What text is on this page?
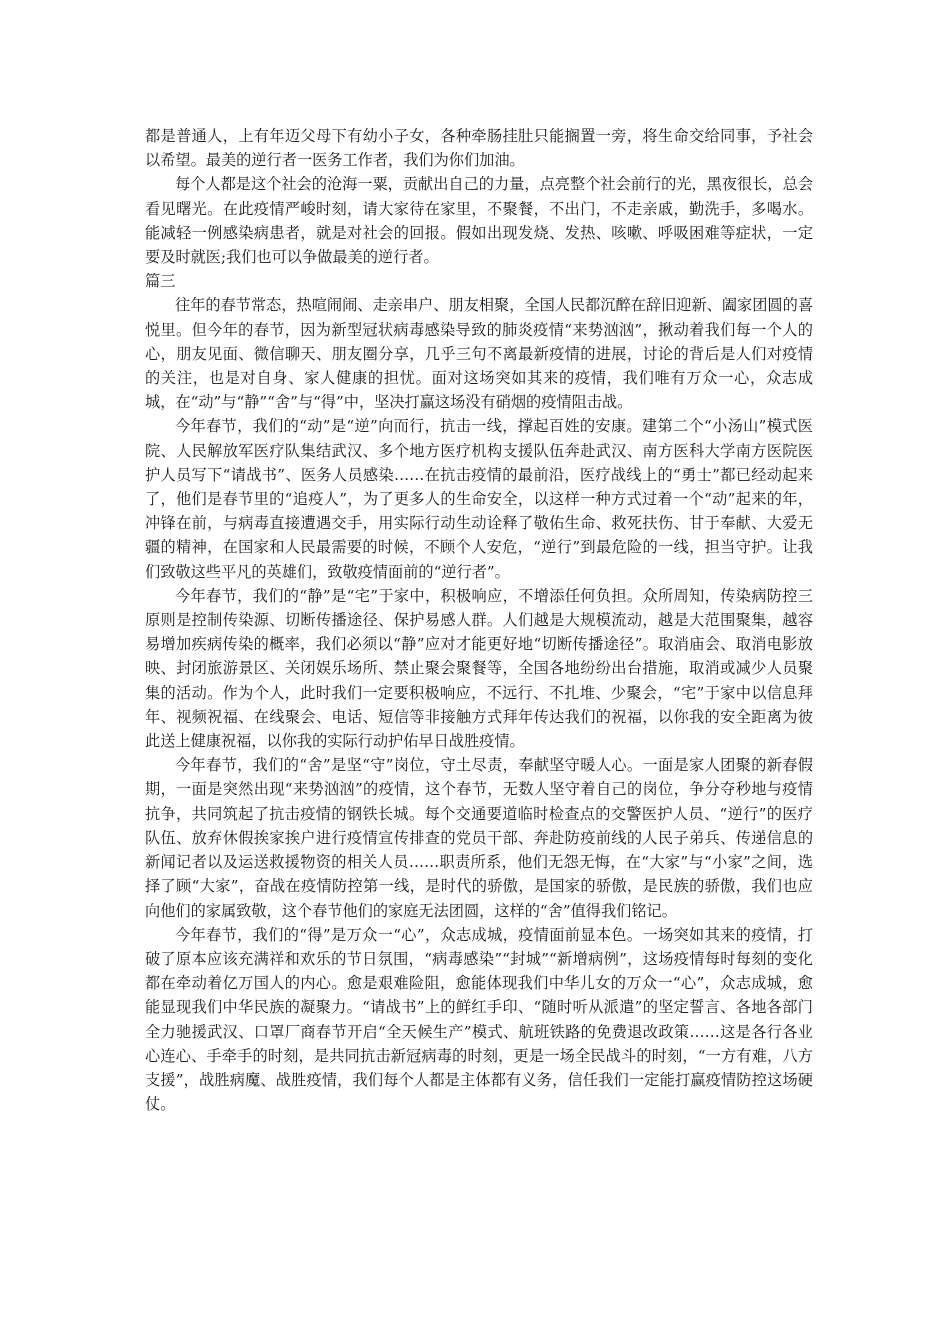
都是普通人，上有年迈父母下有幼小子女，各种牵肠挂肚只能搁置一旁，将生命交给同事，予社会以希望。最美的逆行者一医务工作者，我们为你们加油。

每个人都是这个社会的沧海一粟，贡献出自己的力量，点亮整个社会前行的光，黑夜很长，总会看见曙光。在此疫情严峻时刻，请大家待在家里，不聚餐，不出门，不走亲戚，勤洗手，多喝水。能减轻一例感染病患者，就是对社会的回报。假如出现发烧、发热、咳嗽、呼吸困难等症状，一定要及时就医;我们也可以争做最美的逆行者。

篇三

往年的春节常态，热喧闹闹、走亲串户、朋友相聚，全国人民都沉醉在辞旧迎新、阖家团圆的喜悦里。但今年的春节，因为新型冠状病毒感染导致的肺炎疫情“来势汹汹”，揪动着我们每一个人的心，朋友见面、微信聊天、朋友圈分享，几乎三句不离最新疫情的进展，讨论的背后是人们对疫情的关注，也是对自身、家人健康的担忧。面对这场突如其来的疫情，我们唯有万众一心，众志成城，在“动”与“静”“舍”与“得”中，坚决打赢这场没有硝烟的疫情阻击战。

今年春节，我们的“动”是“逆”向而行，抗击一线，撑起百姓的安康。建第二个“小汤山”模式医院、人民解放军医疗队集结武汉、多个地方医疗机构支援队伍奔赴武汉、南方医科大学南方医院医护人员写下“请战书”、医务人员感染……在抗击疫情的最前沿，医疗战线上的“勇士”都已经动起来了，他们是春节里的“追疫人”，为了更多人的生命安全，以这样一种方式过着一个“动”起来的年，冲锋在前，与病毒直接遭遇交手，用实际行动生动诠释了敬佑生命、救死扶伤、甘于奉献、大爱无疆的精神，在国家和人民最需要的时候，不顾个人安危，“逆行”到最危险的一线，担当守护。让我们致敬这些平凡的英雄们，致敬疫情面前的“逆行者”。

今年春节，我们的“静”是“宅”于家中，积极响应，不增添任何负担。众所周知，传染病防控三原则是控制传染源、切断传播途径、保护易感人群。人们越是大规模流动，越是大范围聚集，越容易增加疾病传染的概率，我们必须以“静”应对才能更好地“切断传播途径”。取消庙会、取消电影放映、封闭旅游景区、关闭娱乐场所、禁止聚会聚餐等，全国各地纷纷出台措施，取消或减少人员聚集的活动。作为个人，此时我们一定要积极响应，不远行、不扎堆、少聚会，“宅”于家中以信息拜年、视频祝福、在线聚会、电话、短信等非接触方式拜年传达我们的祝福，以你我的安全距离为彼此送上健康祝福，以你我的实际行动护佑早日战胜疫情。

今年春节，我们的“舍”是坚“守”岗位，守土尽责，奉献坚守暖人心。一面是家人团聚的新春假期，一面是突然出现“来势汹汹”的疫情，这个春节，无数人坚守着自己的岗位，争分夺秒地与疫情抗争，共同筑起了抗击疫情的钢铁长城。每个交通要道临时检查点的交警医护人员、“逆行”的医疗队伍、放弃休假挨家挨户进行疫情宣传排查的党员干部、奔赴防疫前线的人民子弟兵、传递信息的新闻记者以及运送救援物资的相关人员……职责所系，他们无怨无悔，在“大家”与“小家”之间，选择了顾“大家”，奋战在疫情防控第一线，是时代的骄傲，是国家的骄傲，是民族的骄傲，我们也应向他们的家属致敬，这个春节他们的家庭无法团圆，这样的“舍”值得我们铭记。

今年春节，我们的“得”是万众一“心”，众志成城，疫情面前显本色。一场突如其来的疫情，打破了原本应该充满祥和欢乐的节日氛围，“病毒感染”“封城”“新增病例”，这场疫情每时每刻的变化都在牵动着亿万国人的内心。愈是艰难险阻，愈能体现我们中华儿女的万众一“心”，众志成城，愈能显现我们中华民族的凝聚力。“请战书”上的鲜红手印、“随时听从派遣”的坚定誓言、各地各部门全力驰援武汉、口罩厂商春节开启“全天候生产”模式、航班铁路的免费退改政策……这是各行各业心连心、手牵手的时刻，是共同抗击新冠病毒的时刻，更是一场全民战斗的时刻，“一方有难，八方支援”，战胜病魔、战胜疫情，我们每个人都是主体都有义务，信任我们一定能打赢疫情防控这场硬仗。
